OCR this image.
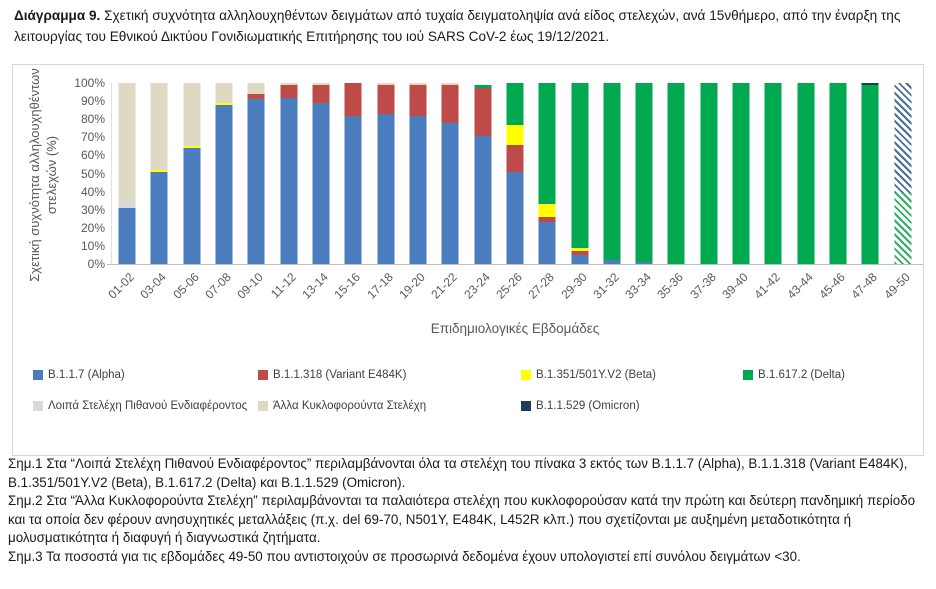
Διάγραμμα 9. Σχετική συχνότητα αλληλουχηθέντων δειγμάτων από τυχαία δειγματοληψία ανά είδος στελεχών, ανά 15νθήμερο, από την έναρξη της λειτουργίας του Εθνικού Δικτύου Γονιδιωματικής Επιτήρησης του ιού SARS CoV-2 έως 19/12/2021.
Σχετική συχνότητα αλληλουχηθέντων στελεχών (%)
0%
10%
20%
30%
40%
50%
60%
70%
80%
90%
100%
01-02 03-04 05-06 07-08 09-10 11-12 13-14 15-16 17-18 19-20 21-22 23-24 25-26 27-28 29-30 31-32 33-34 35-36 37-38 39-40 41-42 43-44 45-46 47-48 49-50
Επιδημιολογικές Εβδομάδες
B.1.1.7 (Alpha)	B.1.1.318 (Variant E484K)	B.1.351/501Y.V2 (Beta)	B.1.617.2 (Delta)
Λοιπά Στελέχη Πιθανού Ενδιαφέροντος Άλλα Κυκλοφορούντα Στελέχη	B.1.1.529 (Omicron)

Σημ.1 Στα “Λοιπά Στελέχη Πιθανού Ενδιαφέροντος” περιλαμβάνονται όλα τα στελέχη του πίνακα 3 εκτός των B.1.1.7 (Alpha), B.1.1.318 (Variant E484K), B.1.351/501Y.V2 (Beta), B.1.617.2 (Delta) και B.1.1.529 (Omicron).

Σημ.2 Στα “Άλλα Κυκλοφορούντα Στελέχη” περιλαμβάνονται τα παλαιότερα στελέχη που κυκλοφορούσαν κατά την πρώτη και δεύτερη πανδημική περίοδο και τα οποία δεν φέρουν ανησυχητικές μεταλλάξεις (π.χ. del 69-70, N501Y, E484K, L452R κλπ.) που σχετίζονται με αυξημένη μεταδοτικότητα ή μολυσματικότητα ή διαφυγή ή διαγνωστικά ζητήματα.

Σημ.3 Τα ποσοστά για τις εβδομάδες 49-50 που αντιστοιχούν σε προσωρινά δεδομένα έχουν υπολογιστεί επί συνόλου δειγμάτων <30.
